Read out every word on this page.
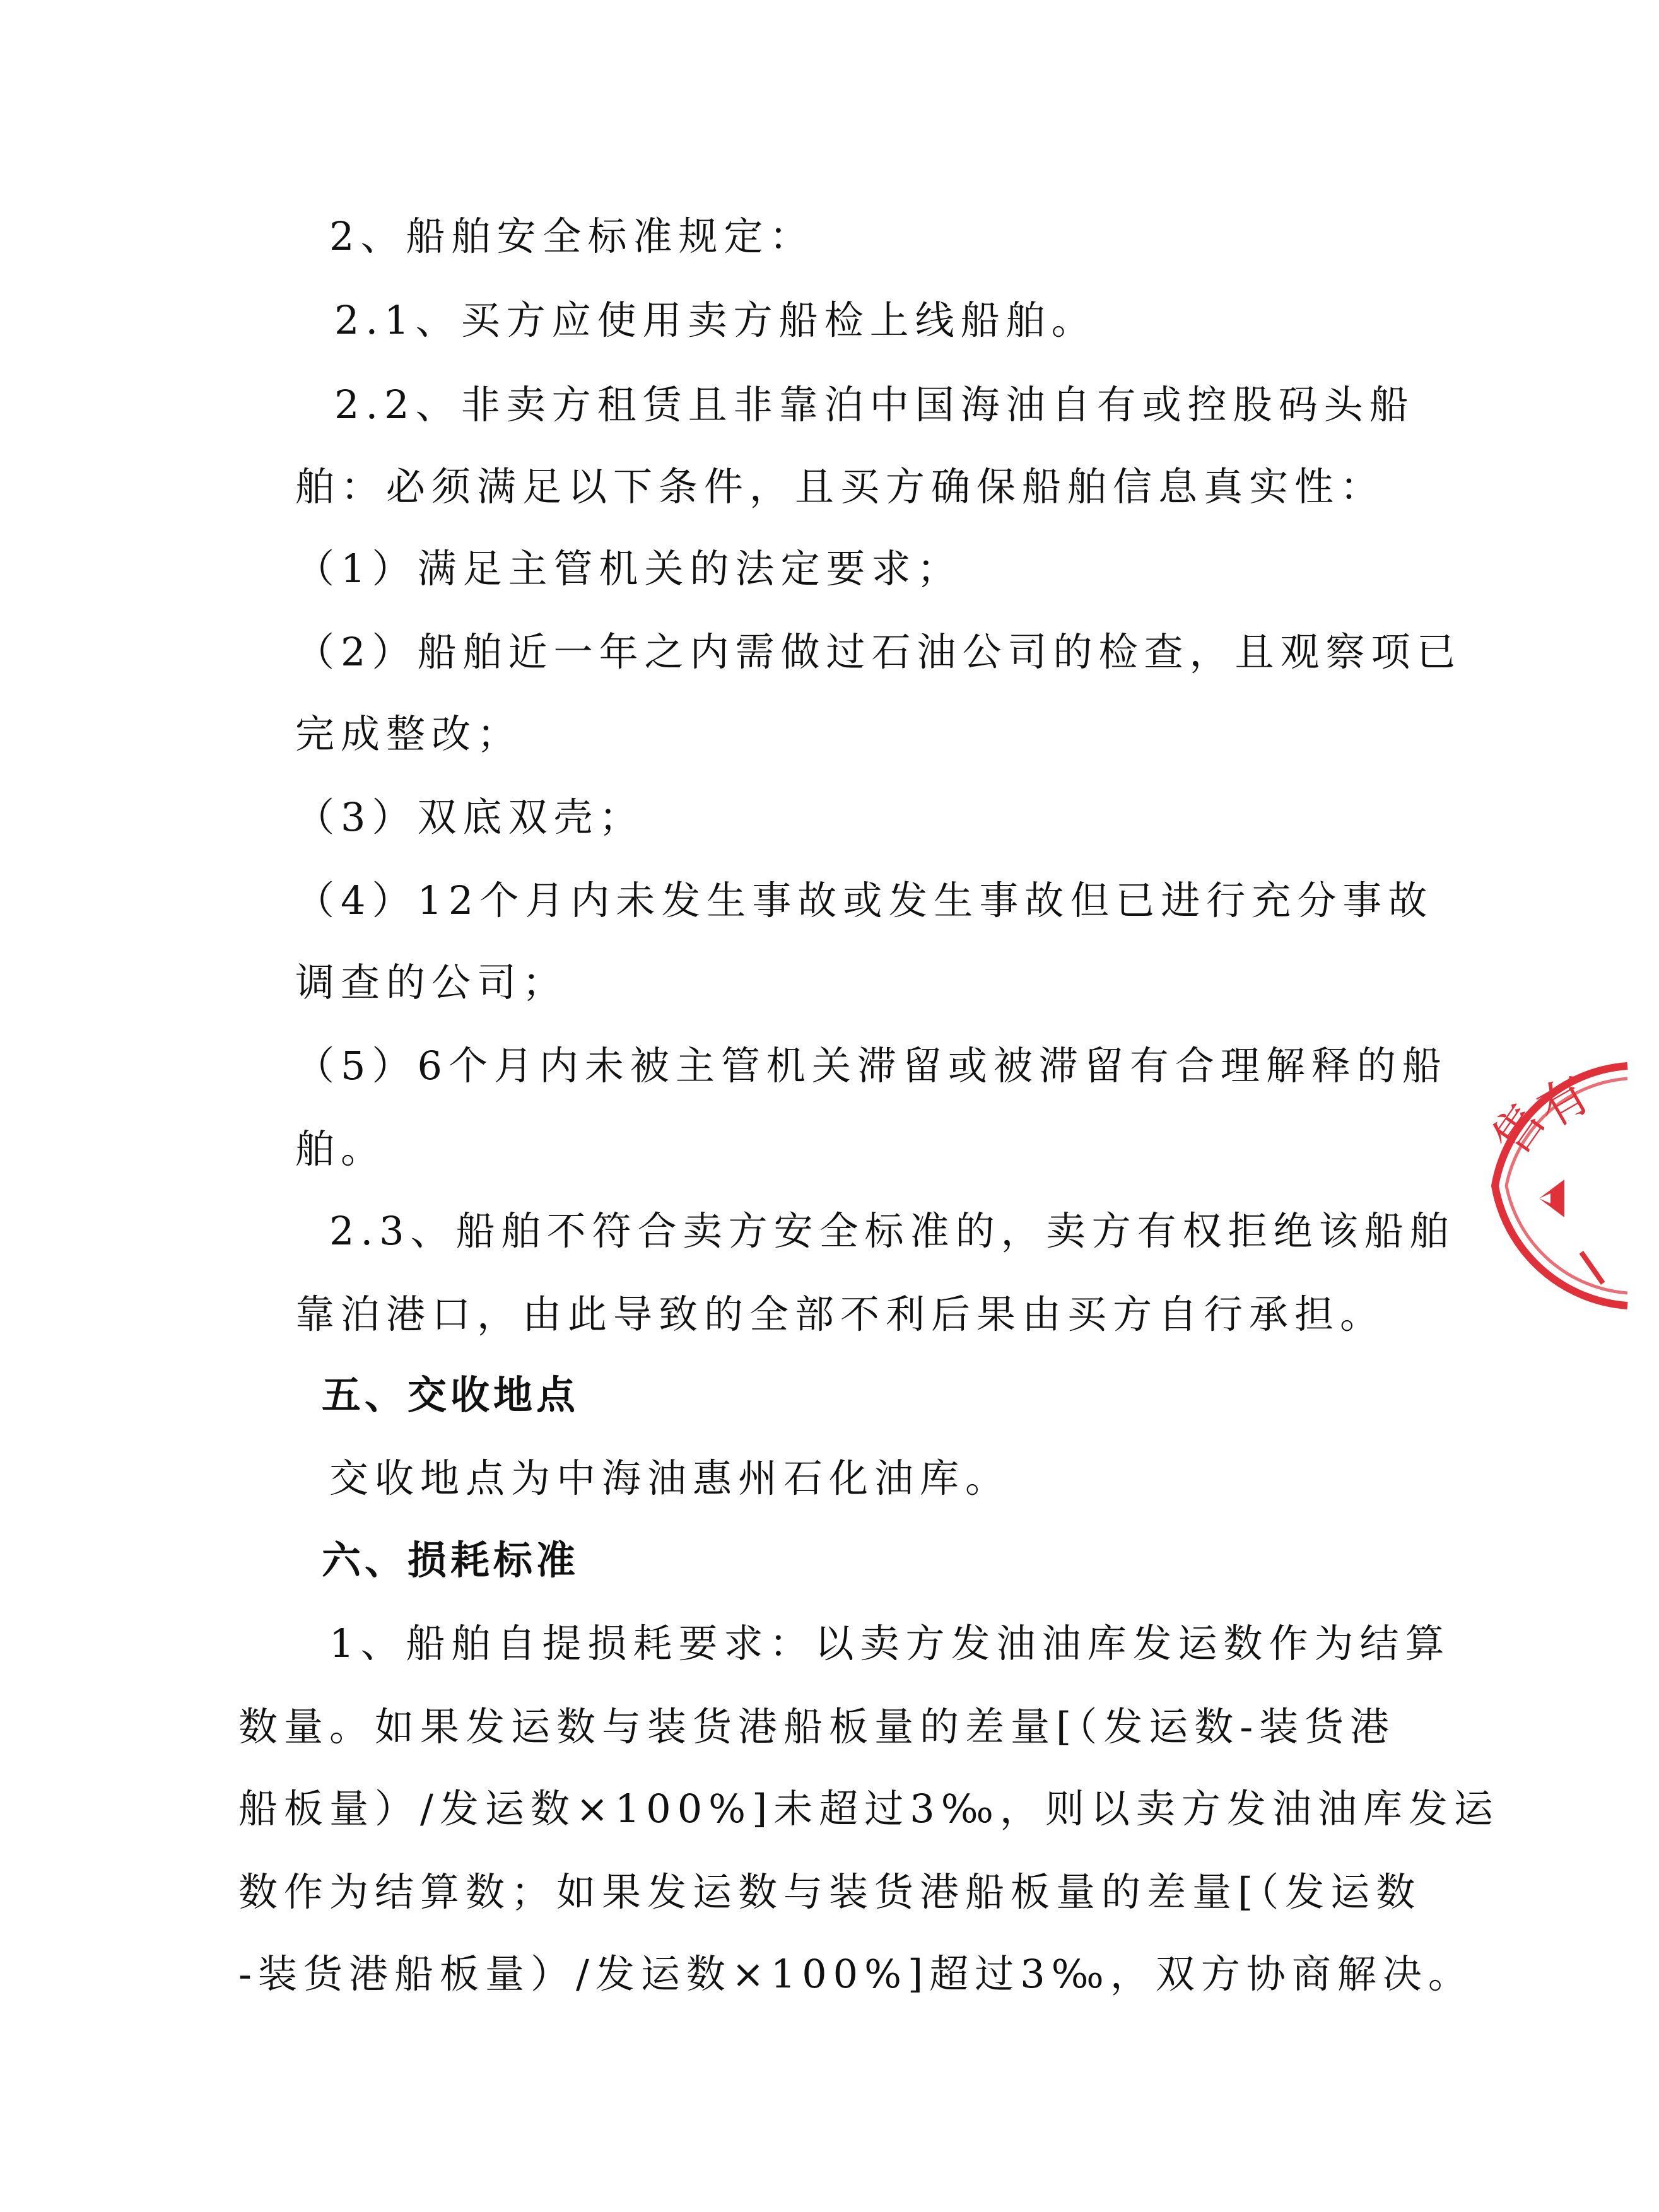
2、船舶安全标准规定：
2.1、买方应使用卖方船检上线船舶。
2.2、非卖方租赁且非靠泊中国海油自有或控股码头船
舶：必须满足以下条件，且买方确保船舶信息真实性：
（1）满足主管机关的法定要求；
（2）船舶近一年之内需做过石油公司的检查，且观察项已
完成整改；
（3）双底双壳；
（4）12个月内未发生事故或发生事故但已进行充分事故
调查的公司；
（5）6个月内未被主管机关滞留或被滞留有合理解释的船
舶。
2.3、船舶不符合卖方安全标准的，卖方有权拒绝该船舶
靠泊港口，由此导致的全部不利后果由买方自行承担。
五、交收地点
交收地点为中海油惠州石化油库。
六、损耗标准
1、船舶自提损耗要求：以卖方发油油库发运数作为结算
数量。如果发运数与装货港船板量的差量[（发运数-装货港
船板量）/发运数×100%]未超过3‰，则以卖方发油油库发运
数作为结算数；如果发运数与装货港船板量的差量[（发运数
-装货港船板量）/发运数×100%]超过3‰，双方协商解决。
售
有
